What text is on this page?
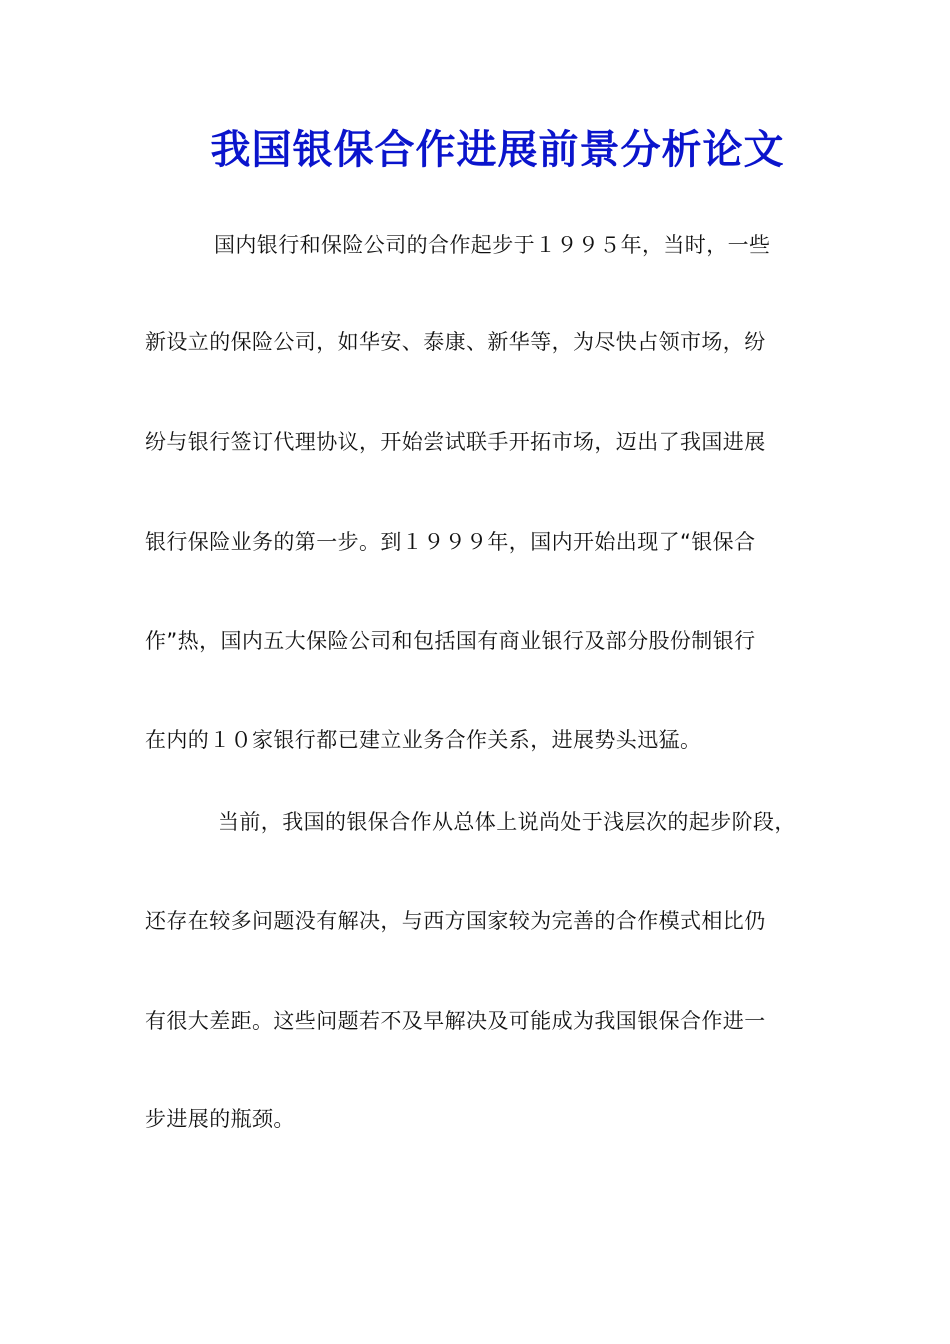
我国银保合作进展前景分析论文

国内银行和保险公司的合作起步于１９９５年，当时，一些

新设立的保险公司，如华安、泰康、新华等，为尽快占领市场，纷

纷与银行签订代理协议，开始尝试联手开拓市场，迈出了我国进展

银行保险业务的第一步。到１９９９年，国内开始出现了“银保合

作”热，国内五大保险公司和包括国有商业银行及部分股份制银行

在内的１０家银行都已建立业务合作关系，进展势头迅猛。

当前，我国的银保合作从总体上说尚处于浅层次的起步阶段，

还存在较多问题没有解决，与西方国家较为完善的合作模式相比仍

有很大差距。这些问题若不及早解决及可能成为我国银保合作进一

步进展的瓶颈。
